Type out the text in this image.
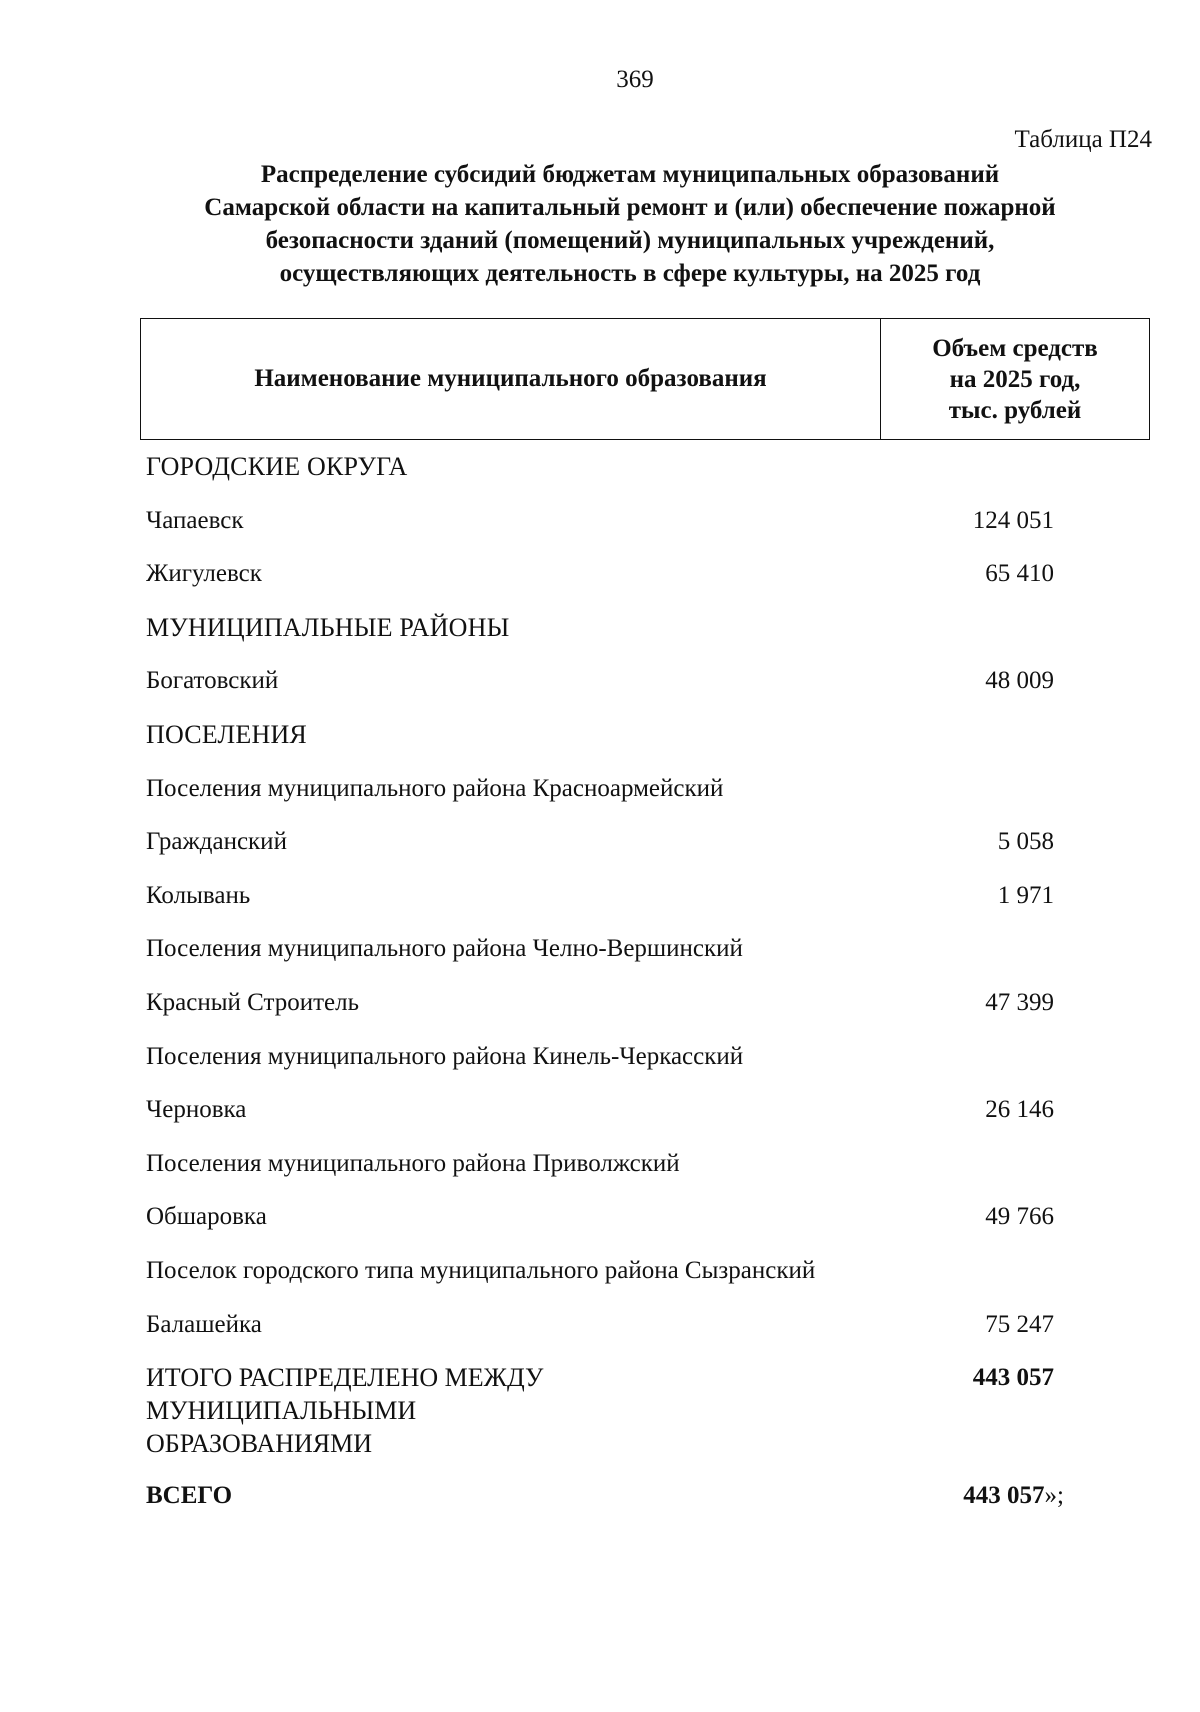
369
Таблица П24
Распределение субсидий бюджетам муниципальных образований
Самарской области на капитальный ремонт и (или) обеспечение пожарной
безопасности зданий (помещений) муниципальных учреждений,
осуществляющих деятельность в сфере культуры, на 2025 год
Наименование муниципального образования
Объем средств
на 2025 год,
тыс. рублей
ГОРОДСКИЕ ОКРУГА
Чапаевск	124 051
Жигулевск	65 410
МУНИЦИПАЛЬНЫЕ РАЙОНЫ
Богатовский	48 009
ПОСЕЛЕНИЯ
Поселения муниципального района Красноармейский
Гражданский	5 058
Колывань	1 971
Поселения муниципального района Челно-Вершинский
Красный Строитель	47 399
Поселения муниципального района Кинель-Черкасский
Черновка	26 146
Поселения муниципального района Приволжский
Обшаровка	49 766
Поселок городского типа муниципального района Сызранский
Балашейка	75 247
ИТОГО РАСПРЕДЕЛЕНО МЕЖДУ
МУНИЦИПАЛЬНЫМИ
ОБРАЗОВАНИЯМИ
443 057
ВСЕГО	443 057»;
